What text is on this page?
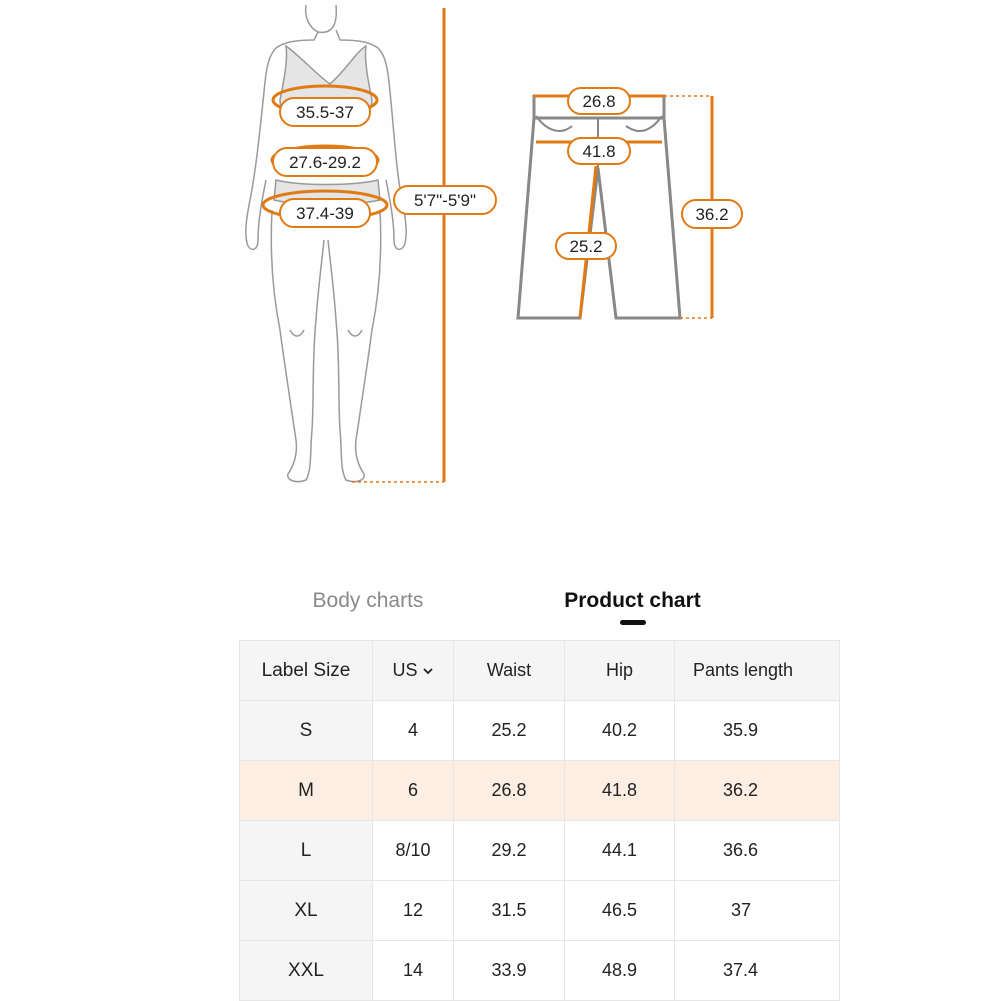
35.5-37
27.6-29.2
37.4-39
5'7"-5'9"
26.8
41.8
25.2
36.2
Body charts	Product chart
Label Size	US	Waist	Hip	Pants length
S	4	25.2	40.2	35.9
M	6	26.8	41.8	36.2
L	8/10	29.2	44.1	36.6
XL	12	31.5	46.5	37
XXL	14	33.9	48.9	37.4
